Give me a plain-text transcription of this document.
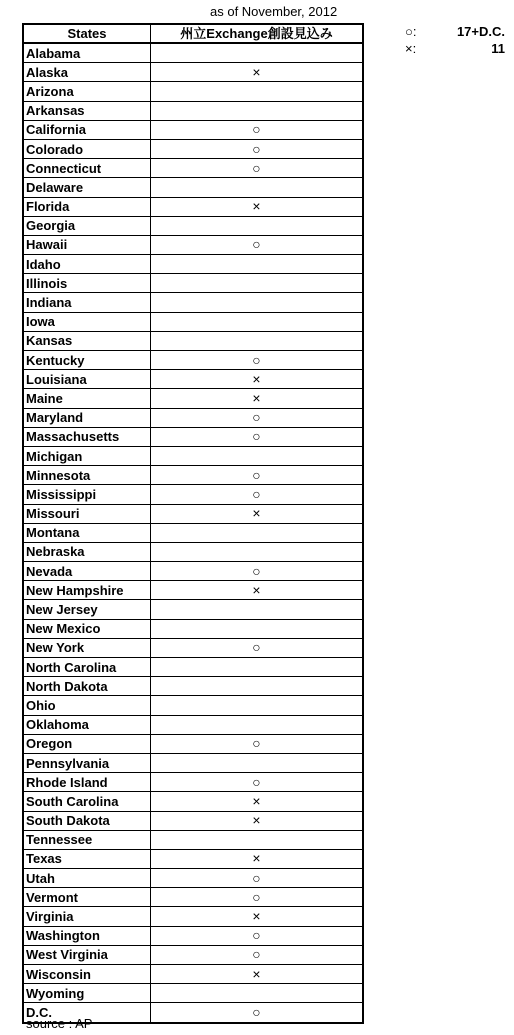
as of November, 2012
States	州立Exchange創設見込み
Alabama	
Alaska	×
Arizona	
Arkansas	
California	○
Colorado	○
Connecticut	○
Delaware	
Florida	×
Georgia	
Hawaii	○
Idaho	
Illinois	
Indiana	
Iowa	
Kansas	
Kentucky	○
Louisiana	×
Maine	×
Maryland	○
Massachusetts	○
Michigan	
Minnesota	○
Mississippi	○
Missouri	×
Montana	
Nebraska	
Nevada	○
New Hampshire	×
New Jersey	
New Mexico	
New York	○
North Carolina	
North Dakota	
Ohio	
Oklahoma	
Oregon	○
Pennsylvania	
Rhode Island	○
South Carolina	×
South Dakota	×
Tennessee	
Texas	×
Utah	○
Vermont	○
Virginia	×
Washington	○
West Virginia	○
Wisconsin	×
Wyoming	
D.C.	○
○:	17+D.C.
×:	11
source : AP
